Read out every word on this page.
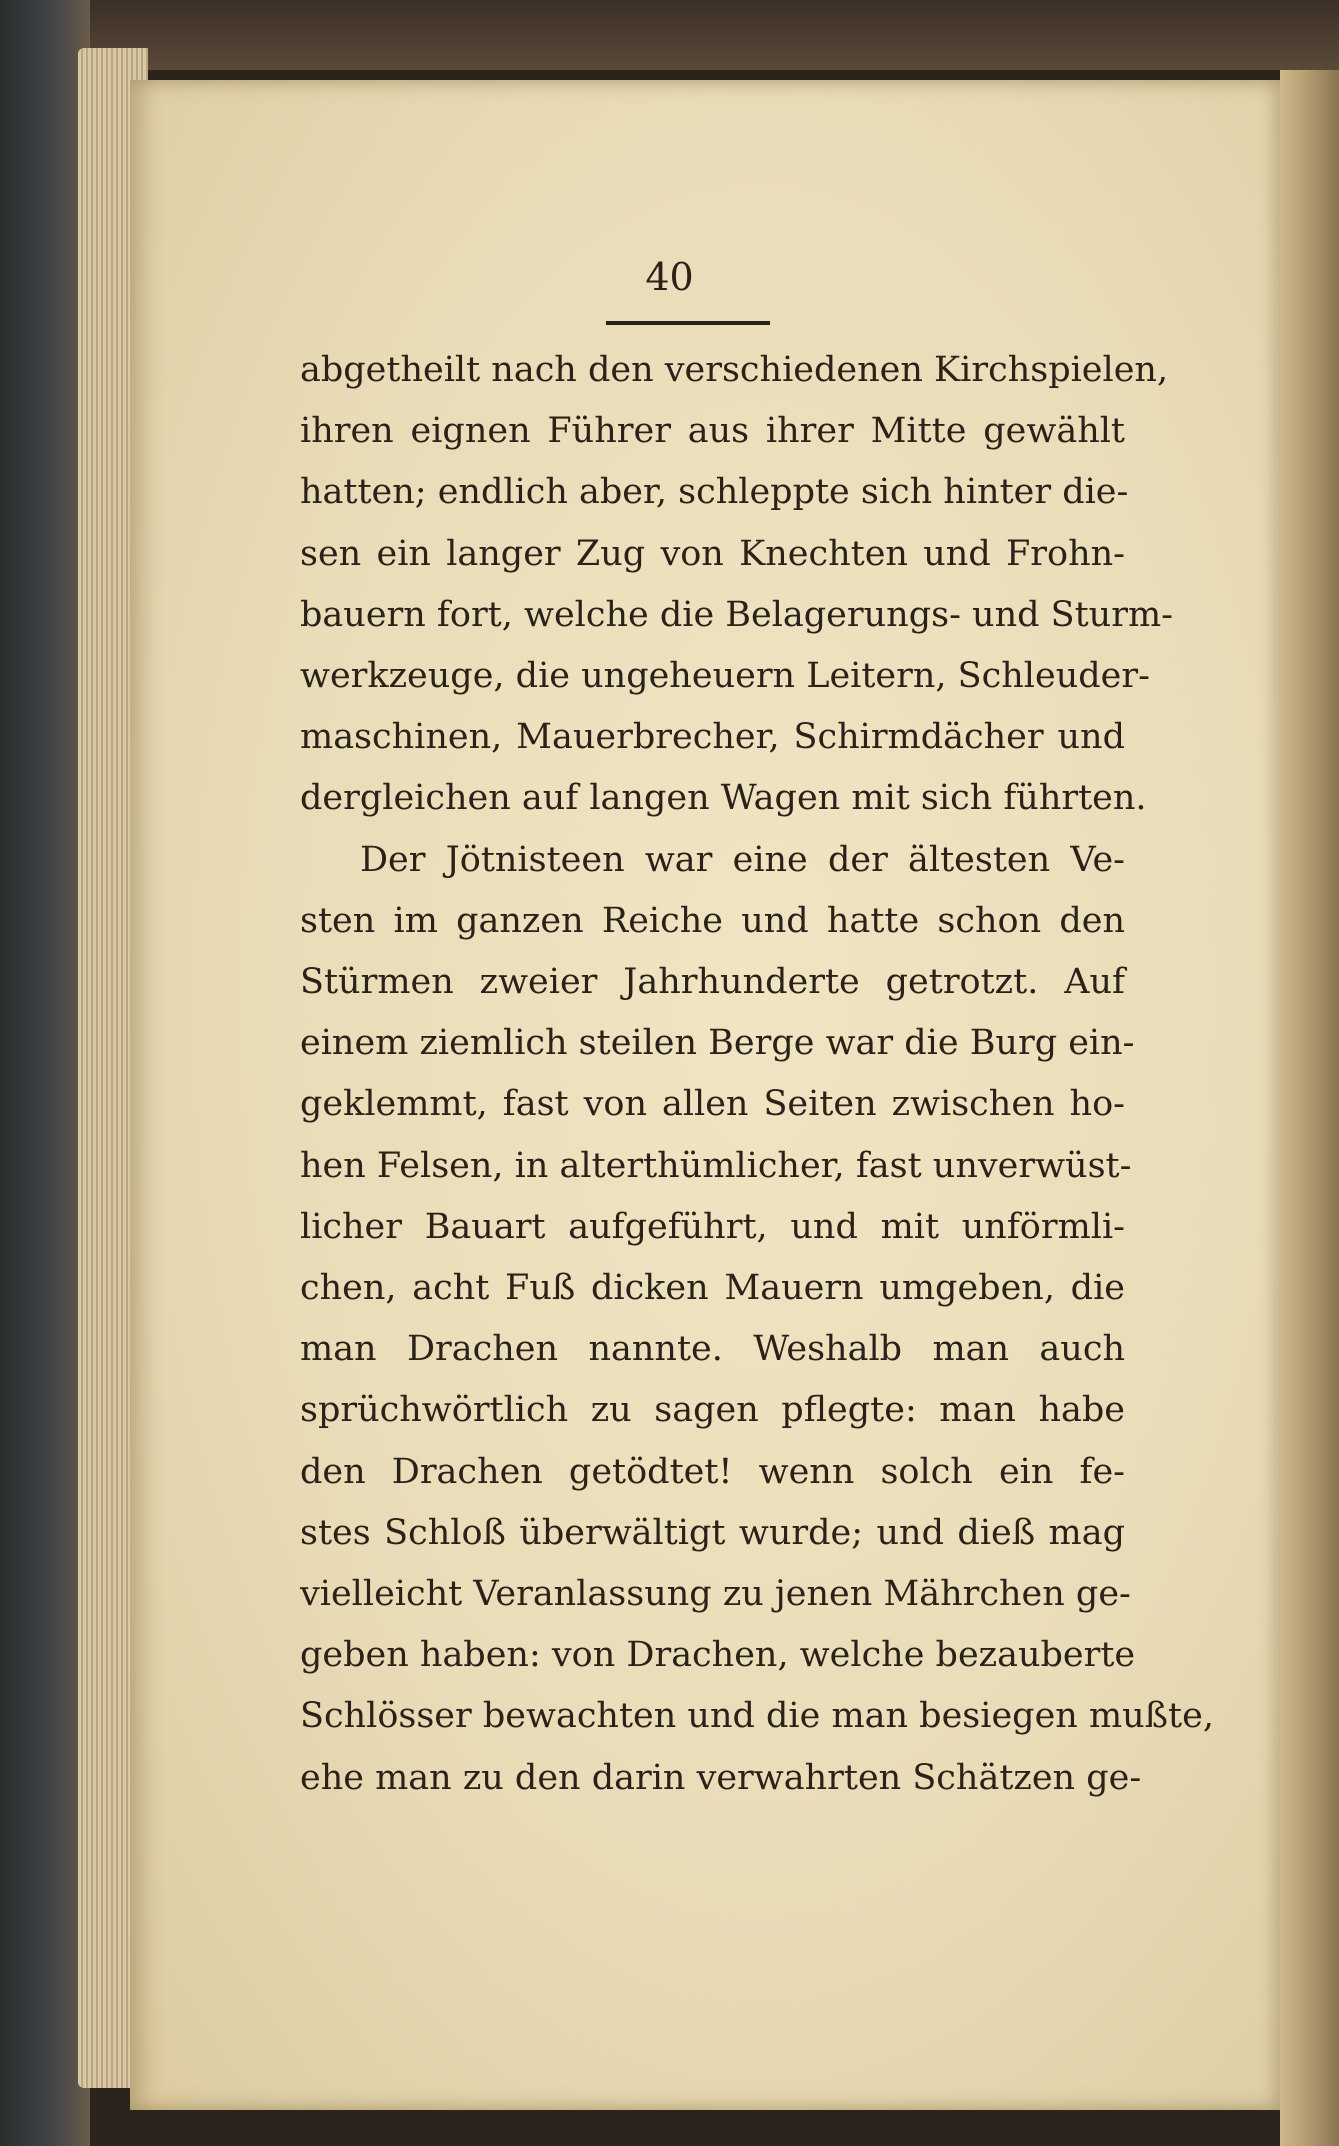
40
abgetheilt nach den verschiedenen Kirchspielen,
ihren eignen Führer aus ihrer Mitte gewählt
hatten; endlich aber, schleppte sich hinter die-
sen ein langer Zug von Knechten und Frohn-
bauern fort, welche die Belagerungs- und Sturm-
werkzeuge, die ungeheuern Leitern, Schleuder-
maschinen, Mauerbrecher, Schirmdächer und
dergleichen auf langen Wagen mit sich führten.
Der Jötnisteen war eine der ältesten Ve-
sten im ganzen Reiche und hatte schon den
Stürmen zweier Jahrhunderte getrotzt. Auf
einem ziemlich steilen Berge war die Burg ein-
geklemmt, fast von allen Seiten zwischen ho-
hen Felsen, in alterthümlicher, fast unverwüst-
licher Bauart aufgeführt, und mit unförmli-
chen, acht Fuß dicken Mauern umgeben, die
man Drachen nannte. Weshalb man auch
sprüchwörtlich zu sagen pflegte: man habe
den Drachen getödtet! wenn solch ein fe-
stes Schloß überwältigt wurde; und dieß mag
vielleicht Veranlassung zu jenen Mährchen ge-
geben haben: von Drachen, welche bezauberte
Schlösser bewachten und die man besiegen mußte,
ehe man zu den darin verwahrten Schätzen ge-
